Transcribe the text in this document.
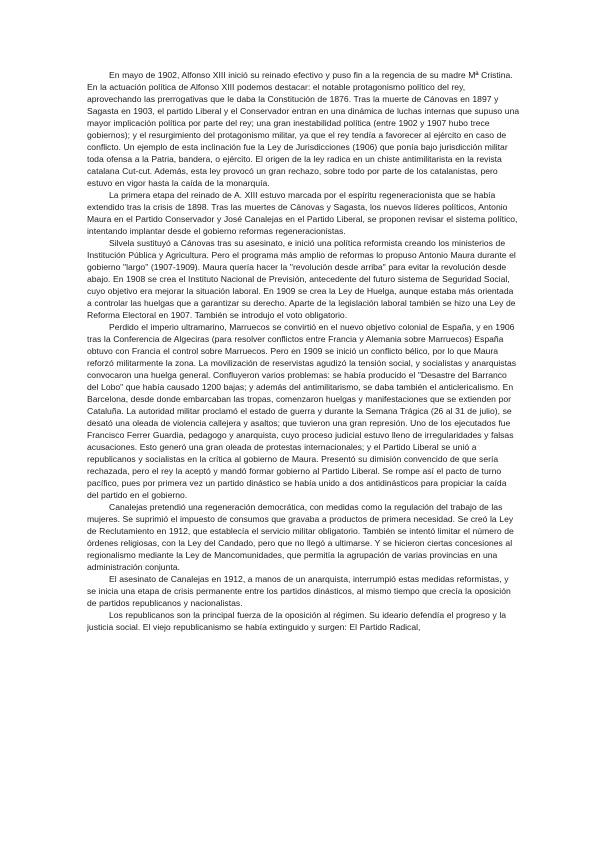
En mayo de 1902, Alfonso XIII inició su reinado efectivo y puso fin a la regencia de su madre Mª Cristina. En la actuación política de Alfonso XIII podemos destacar: el notable protagonismo político del rey, aprovechando las prerrogativas que le daba la Constitución de 1876. Tras la muerte de Cánovas en 1897 y Sagasta en 1903, el partido Liberal y el Conservador entran en una dinámica de luchas internas que supuso una mayor implicación política por parte del rey; una gran inestabilidad política (entre 1902 y 1907 hubo trece gobiernos); y el resurgimiento del protagonismo militar, ya que el rey tendía a favorecer al ejército en caso de conflicto. Un ejemplo de esta inclinación fue la Ley de Jurisdicciones (1906) que ponía bajo jurisdicción militar toda ofensa a la Patria, bandera, o ejército. El origen de la ley radica en un chiste antimilitarista en la revista catalana Cut-cut. Además, esta ley provocó un gran rechazo, sobre todo por parte de los catalanistas, pero estuvo en vigor hasta la caída de la monarquía.

La primera etapa del reinado de A. XIII estuvo marcada por el espíritu regeneracionista que se había extendido tras la crisis de 1898. Tras las muertes de Cánovas y Sagasta, los nuevos líderes políticos, Antonio Maura en el Partido Conservador y José Canalejas en el Partido Liberal, se proponen revisar el sistema político, intentando implantar desde el gobierno reformas regeneracionistas.

Silvela sustituyó a Cánovas tras su asesinato, e inició una política reformista creando los ministerios de Institución Pública y Agricultura. Pero el programa más amplio de reformas lo propuso Antonio Maura durante el gobierno "largo" (1907-1909). Maura quería hacer la "revolución desde arriba" para evitar la revolución desde abajo. En 1908 se crea el Instituto Nacional de Previsión, antecedente del futuro sistema de Seguridad Social, cuyo objetivo era mejorar la situación laboral. En 1909 se crea la Ley de Huelga, aunque estaba más orientada a controlar las huelgas que a garantizar su derecho. Aparte de la legislación laboral también se hizo una Ley de Reforma Electoral en 1907. También se introdujo el voto obligatorio.

Perdido el imperio ultramarino, Marruecos se convirtió en el nuevo objetivo colonial de España, y en 1906 tras la Conferencia de Algeciras (para resolver conflictos entre Francia y Alemania sobre Marruecos) España obtuvo con Francia el control sobre Marruecos. Pero en 1909 se inició un conflicto bélico, por lo que Maura reforzó militarmente la zona. La movilización de reservistas agudizó la tensión social, y socialistas y anarquistas convocaron una huelga general. Confluyeron varios problemas: se había producido el "Desastre del Barranco del Lobo" que había causado 1200 bajas; y además del antimilitarismo, se daba también el anticlericalismo. En Barcelona, desde donde embarcaban las tropas, comenzaron huelgas y manifestaciones que se extienden por Cataluña. La autoridad militar proclamó el estado de guerra y durante la Semana Trágica (26 al 31 de julio), se desató una oleada de violencia callejera y asaltos; que tuvieron una gran represión. Uno de los ejecutados fue Francisco Ferrer Guardia, pedagogo y anarquista, cuyo proceso judicial estuvo lleno de irregularidades y falsas acusaciones. Esto generó una gran oleada de protestas internacionales; y el Partido Liberal se unió a republicanos y socialistas en la crítica al gobierno de Maura. Presentó su dimisión convencido de que sería rechazada, pero el rey la aceptó y mandó formar gobierno al Partido Liberal. Se rompe así el pacto de turno pacífico, pues por primera vez un partido dinástico se había unido a dos antidinásticos para propiciar la caída del partido en el gobierno.

Canalejas pretendió una regeneración democrática, con medidas como la regulación del trabajo de las mujeres. Se suprimió el impuesto de consumos que gravaba a productos de primera necesidad. Se creó la Ley de Reclutamiento en 1912, que establecía el servicio militar obligatorio. También se intentó limitar el número de órdenes religiosas, con la Ley del Candado, pero que no llegó a ultimarse. Y se hicieron ciertas concesiones al regionalismo mediante la Ley de Mancomunidades, que permitía la agrupación de varias provincias en una administración conjunta.

El asesinato de Canalejas en 1912, a manos de un anarquista, interrumpió estas medidas reformistas, y se inicia una etapa de crisis permanente entre los partidos dinásticos, al mismo tiempo que crecía la oposición de partidos republicanos y nacionalistas.

Los republicanos son la principal fuerza de la oposición al régimen. Su ideario defendía el progreso y la justicia social. El viejo republicanismo se había extinguido y surgen: El Partido Radical,
